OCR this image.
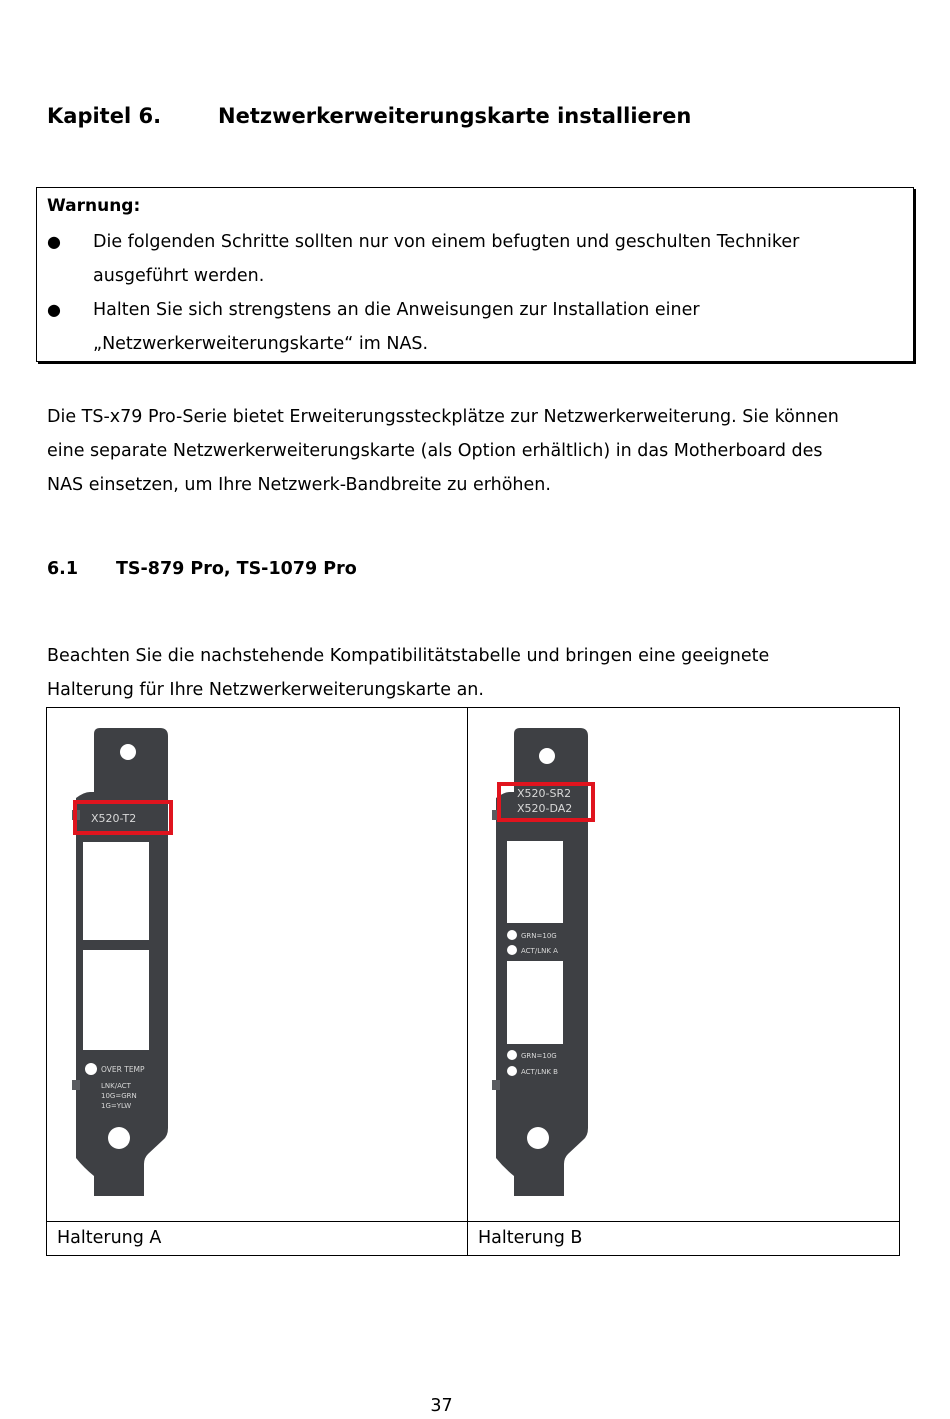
Kapitel 6.	Netzwerkerweiterungskarte installieren
Warnung:
● Die folgenden Schritte sollten nur von einem befugten und geschulten Techniker
ausgeführt werden.
● Halten Sie sich strengstens an die Anweisungen zur Installation einer
„Netzwerkerweiterungskarte“ im NAS.
Die TS-x79 Pro-Serie bietet Erweiterungssteckplätze zur Netzwerkerweiterung. Sie können
eine separate Netzwerkerweiterungskarte (als Option erhältlich) in das Motherboard des
NAS einsetzen, um Ihre Netzwerk-Bandbreite zu erhöhen.
6.1 TS-879 Pro, TS-1079 Pro
Beachten Sie die nachstehende Kompatibilitätstabelle und bringen eine geeignete
Halterung für Ihre Netzwerkerweiterungskarte an.
X520-T2
OVER TEMP
LNK/ACT
10G=GRN
1G=YLW
X520-SR2
X520-DA2
GRN=10G
ACT/LNK A
GRN=10G
ACT/LNK B
Halterung A	Halterung B
37
